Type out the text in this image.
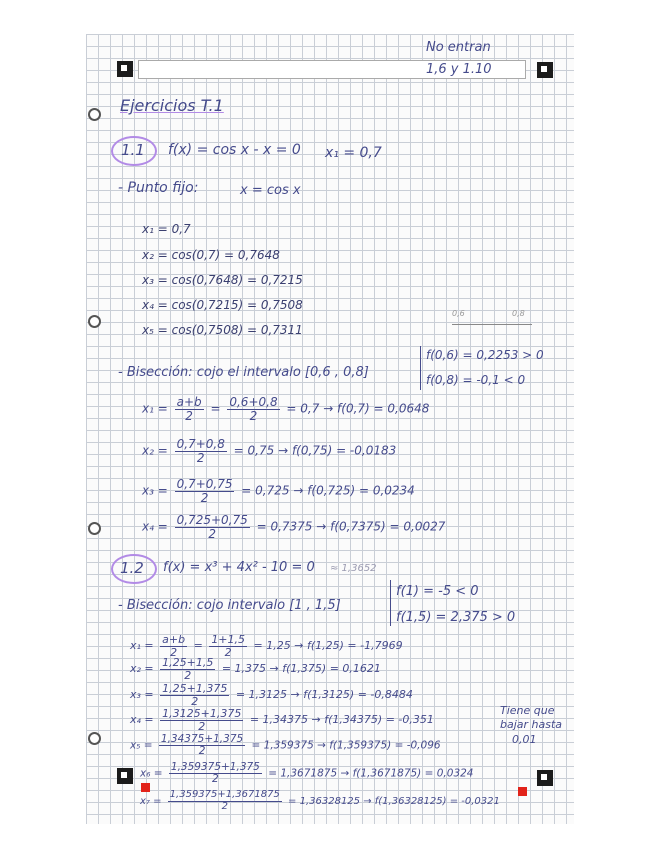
No entran
1,6 y 1.10
Ejercicios T.1
1.1 f(x) = cos x - x = 0 x₁ = 0,7
- Punto fijo:	x = cos x
x₁ = 0,7
x₂ = cos(0,7) = 0,7648
x₃ = cos(0,7648) = 0,7215
x₄ = cos(0,7215) = 0,7508
x₅ = cos(0,7508) = 0,7311
0,6	0,8
- Bisección: cojo el intervalo [0,6 , 0,8]
f(0,6) = 0,2253 > 0
f(0,8) = -0,1 < 0
$x_1 = \frac{a+b}{2} = \frac{0,6+0,8}{2} = 0,7 \to f(0,7) = 0,0648$
$x_2 = \frac{0,7+0,8}{2} = 0,75 \to f(0,75) = -0,0183$
$x_3 = \frac{0,7+0,75}{2} = 0,725 \to f(0,725) = 0,0234$
$x_4 = \frac{0,725+0,75}{2} = 0,7375 \to f(0,7375) = 0,0027$
1.2 f(x) = x³ + 4x² - 10 = 0 ≈ 1,3652
- Bisección: cojo intervalo [1 , 1,5]
f(1) = -5 < 0
f(1,5) = 2,375 > 0
$x_1 = \frac{a+b}{2} = \frac{1+1,5}{2} = 1,25 \to f(1,25) = -1,7969$
$x_2 = \frac{1,25+1,5}{2} = 1,375 \to f(1,375) = 0,1621$
$x_3 = \frac{1,25+1,375}{2} = 1,3125 \to f(1,3125) = -0,8484$
$x_4 = \frac{1,3125+1,375}{2} = 1,34375 \to f(1,34375) = -0,351$
$x_5 = \frac{1,34375+1,375}{2} = 1,359375 \to f(1,359375) = -0,096$
$x_6 = \frac{1,359375+1,375}{2} = 1,3671875 \to f(1,3671875) = 0,0324$
$x_7 = \frac{1,359375+1,3671875}{2} = 1,36328125 \to f(1,36328125) = -0,0321$
Tiene que
bajar hasta
0,01
